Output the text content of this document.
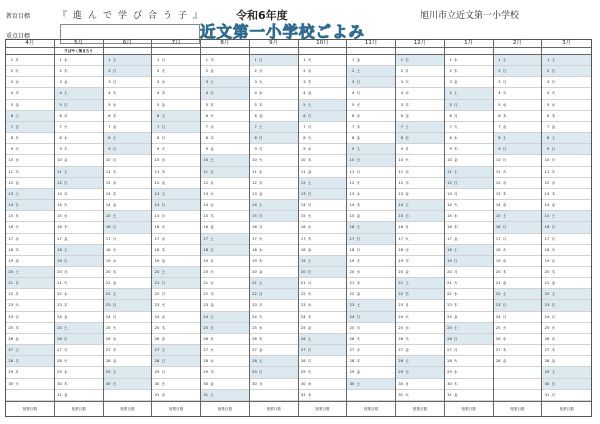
教育目標	『進んで学び合う子』
重点目標
令和6年度
近文第一小学校ごよみ
旭川市立近文第一小学校
4月
1 月
2 火
3 水
4 木
5 金
6 土
7 日
8 月
9 火
10 水
11 木
12 金
13 土
14 日
15 月
16 火
17 水
18 木
19 金
20 土
21 日
22 月
23 火
24 水
25 木
26 金
27 土
28 日
29 月
30 火
授業日数
5月
すばやく集まろう
1 水
2 木
3 金
4 土
5 日
6 月
7 火
8 水
9 木
10 金
11 土
12 日
13 月
14 火
15 水
16 木
17 金
18 土
19 日
20 月
21 火
22 水
23 木
24 金
25 土
26 日
27 月
28 火
29 水
30 木
31 金
授業日数
6月
1 土
2 日
3 月
4 火
5 水
6 木
7 金
8 土
9 日
10 月
11 火
12 水
13 木
14 金
15 土
16 日
17 月
18 火
19 水
20 木
21 金
22 土
23 日
24 月
25 火
26 水
27 木
28 金
29 土
30 日
授業日数
7月
1 月
2 火
3 水
4 木
5 金
6 土
7 日
8 月
9 火
10 水
11 木
12 金
13 土
14 日
15 月
16 火
17 水
18 木
19 金
20 土
21 日
22 月
23 火
24 水
25 木
26 金
27 土
28 日
29 月
30 火
31 水
授業日数
8月
1 木
2 金
3 土
4 日
5 月
6 火
7 水
8 木
9 金
10 土
11 日
12 月
13 火
14 水
15 木
16 金
17 土
18 日
19 月
20 火
21 水
22 木
23 金
24 土
25 日
26 月
27 火
28 水
29 木
30 金
31 土
授業日数
9月
1 日
2 月
3 火
4 水
5 木
6 金
7 土
8 日
9 月
10 火
11 水
12 木
13 金
14 土
15 日
16 月
17 火
18 水
19 木
20 金
21 土
22 日
23 月
24 火
25 水
26 木
27 金
28 土
29 日
30 月
授業日数
10月
1 火
2 水
3 木
4 金
5 土
6 日
7 月
8 火
9 水
10 木
11 金
12 土
13 日
14 月
15 火
16 水
17 木
18 金
19 土
20 日
21 月
22 火
23 水
24 木
25 金
26 土
27 日
28 月
29 火
30 水
31 木
授業日数
11月
1 金
2 土
3 日
4 月
5 火
6 水
7 木
8 金
9 土
10 日
11 月
12 火
13 水
14 木
15 金
16 土
17 日
18 月
19 火
20 水
21 木
22 金
23 土
24 日
25 月
26 火
27 水
28 木
29 金
30 土
授業日数
12月
1 日
2 月
3 火
4 水
5 木
6 金
7 土
8 日
9 月
10 火
11 水
12 木
13 金
14 土
15 日
16 月
17 火
18 水
19 木
20 金
21 土
22 日
23 月
24 火
25 水
26 木
27 金
28 土
29 日
30 月
31 火
授業日数
1月
1 水
2 木
3 金
4 土
5 日
6 月
7 火
8 水
9 木
10 金
11 土
12 日
13 月
14 火
15 水
16 木
17 金
18 土
19 日
20 月
21 火
22 水
23 木
24 金
25 土
26 日
27 月
28 火
29 水
30 木
31 金
授業日数
2月
1 土
2 日
3 月
4 火
5 水
6 木
7 金
8 土
9 日
10 月
11 火
12 水
13 木
14 金
15 土
16 日
17 月
18 火
19 水
20 木
21 金
22 土
23 日
24 月
25 火
26 水
27 木
28 金
授業日数
3月
1 土
2 日
3 月
4 火
5 水
6 木
7 金
8 土
9 日
10 月
11 火
12 水
13 木
14 金
15 土
16 日
17 月
18 火
19 水
20 木
21 金
22 土
23 日
24 月
25 火
26 水
27 木
28 金
29 土
30 日
31 月
授業日数
